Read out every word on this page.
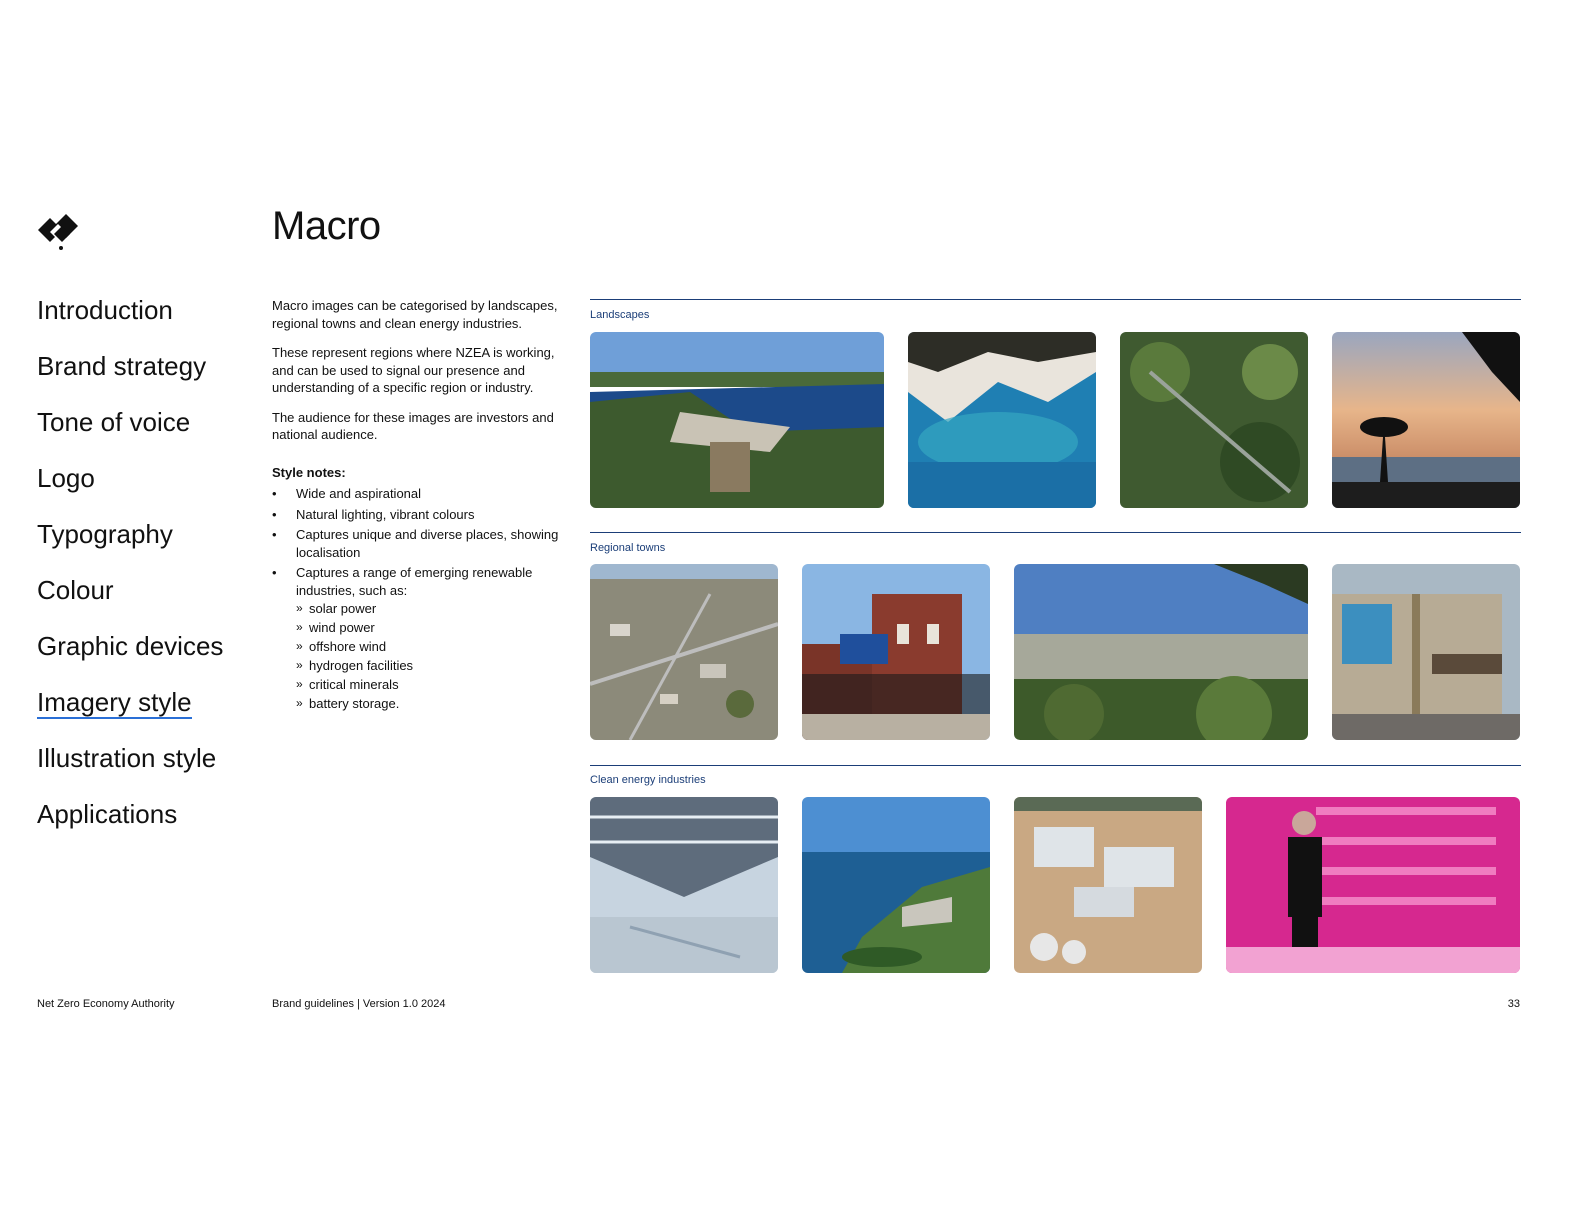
Macro
Introduction
Brand strategy
Tone of voice
Logo
Typography
Colour
Graphic devices
Imagery style
Illustration style
Applications

Macro images can be categorised by landscapes, regional towns and clean energy industries.

These represent regions where NZEA is working, and can be used to signal our presence and understanding of a specific region or industry.

The audience for these images are investors and national audience.

Style notes:

• Wide and aspirational
• Natural lighting, vibrant colours
• Captures unique and diverse places, showing localisation
• Captures a range of emerging renewable industries, such as:
» solar power
» wind power
» offshore wind
» hydrogen facilities
» critical minerals
» battery storage.
Landscapes
Regional towns
Clean energy industries
Net Zero Economy Authority	Brand guidelines | Version 1.0 2024	33
